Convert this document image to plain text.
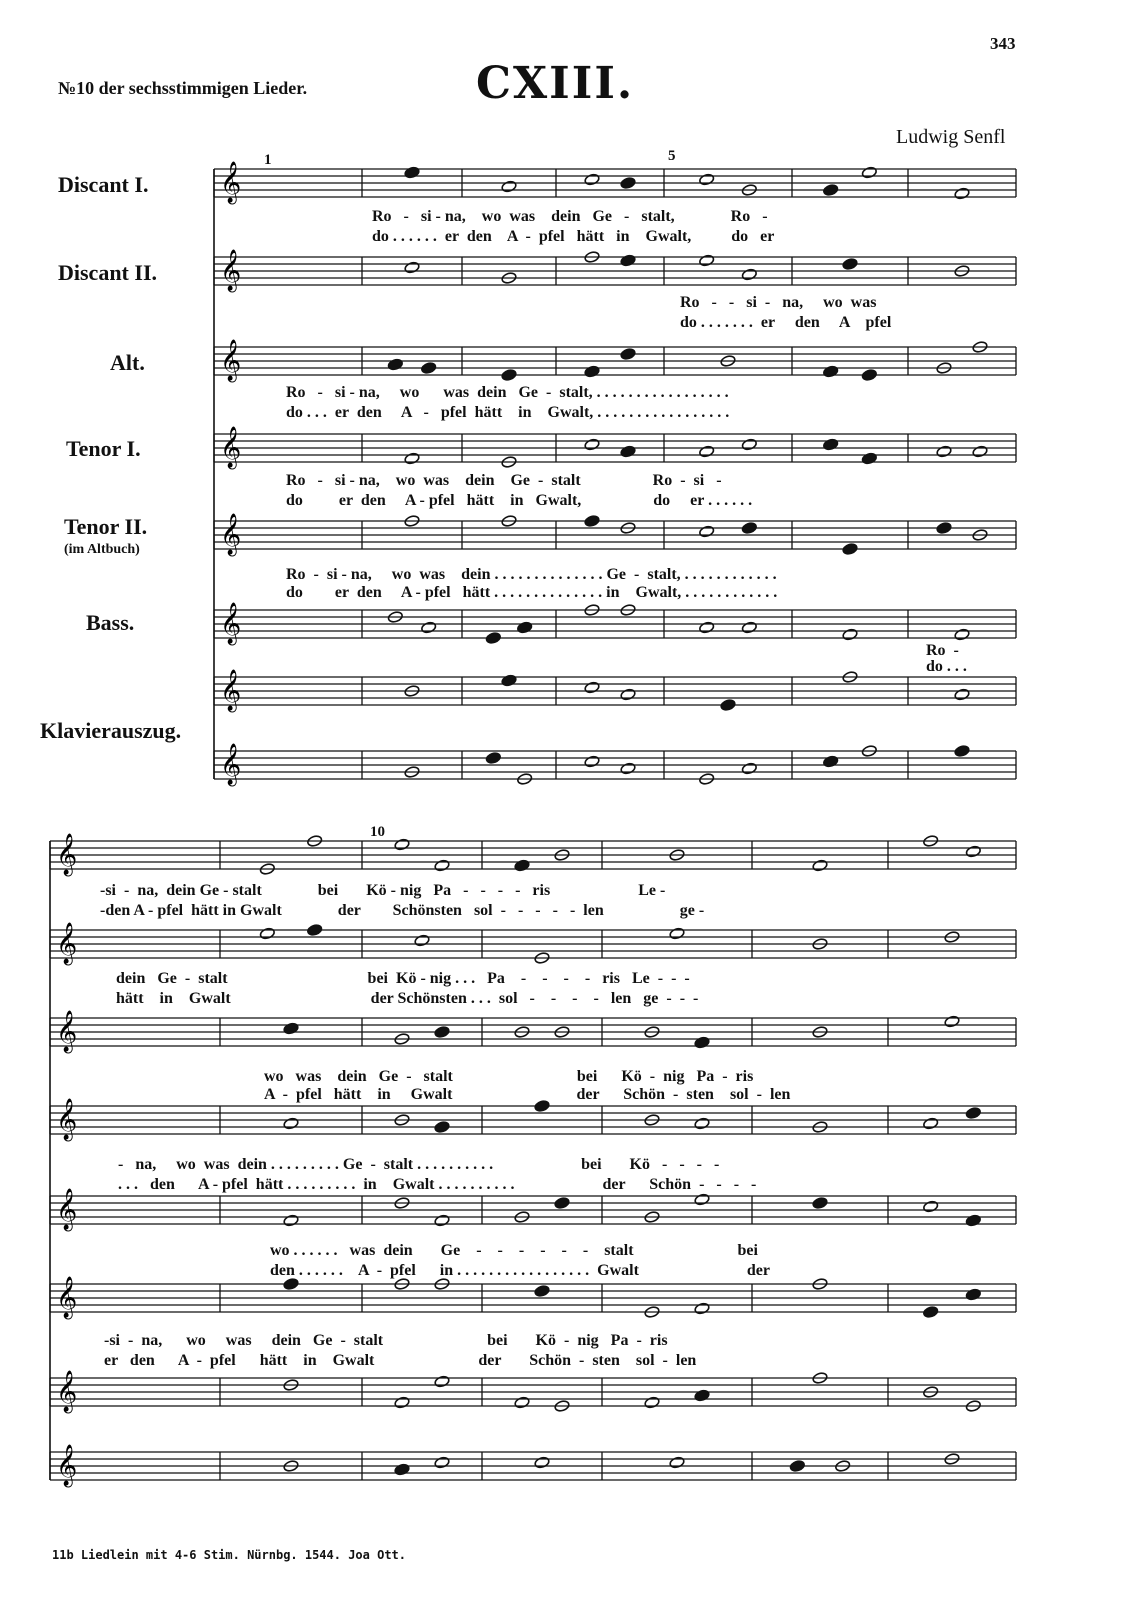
343
№10 der sechsstimmigen Lieder.	CXIII.
Ludwig Senfl
Discant I.
Discant II.
Alt.
Tenor I.
Tenor II.
(im Altbuch)
Bass.
Klavierauszug.
1	5
10
𝄞
𝄞
𝄞
𝄞
𝄞
𝄞
𝄞
𝄞
𝄞
𝄞
𝄞
𝄞
𝄞
𝄞
𝄞
𝄞
Ro   -   si - na,    wo  was    dein   Ge   -   stalt,              Ro   -
do . . . . . .  er  den    A  -  pfel   hätt   in    Gwalt,          do   er
Ro   -   -   si  -   na,     wo  was
do . . . . . . .  er     den     A    pfel
Ro   -   si - na,     wo      was  dein   Ge  -  stalt, . . . . . . . . . . . . . . . . .
do . . .  er  den     A   -   pfel  hätt    in    Gwalt, . . . . . . . . . . . . . . . . .
Ro   -   si - na,    wo  was    dein    Ge  -  stalt                  Ro  -  si   -
do         er  den     A - pfel   hätt    in   Gwalt,                  do     er . . . . . .
Ro  -  si - na,     wo  was    dein . . . . . . . . . . . . . . Ge  -  stalt, . . . . . . . . . . . .
do        er  den     A - pfel   hätt . . . . . . . . . . . . . . in    Gwalt, . . . . . . . . . . . .
Ro  -
do . . .
-si  -  na,  dein Ge - stalt              bei       Kö - nig   Pa   -   -   -   -   ris                      Le -
-den A - pfel  hätt in Gwalt              der        Schönsten   sol  -   -   -   -   -  len                   ge -
dein   Ge  -  stalt                                   bei  Kö - nig . . .   Pa    -    -    -    -   ris   Le  -  -  -
hätt    in    Gwalt                                   der Schönsten . . .  sol   -    -    -    -   len   ge  -  -  -
wo   was    dein   Ge  -   stalt                               bei      Kö  -  nig   Pa  -  ris
A  -  pfel   hätt    in     Gwalt                               der      Schön  -  sten    sol  -  len
-   na,     wo  was  dein . . . . . . . . . Ge  -  stalt . . . . . . . . . .                      bei       Kö   -   -   -   -
. . .   den      A - pfel  hätt . . . . . . . . .  in    Gwalt . . . . . . . . . .                      der      Schön  -   -   -   -
wo . . . . . .   was  dein       Ge    -    -    -    -    -    -    stalt                          bei
den . . . . . .    A  -  pfel      in . . . . . . . . . . . . . . . . .  Gwalt                           der
-si  -  na,      wo     was     dein   Ge  -  stalt                          bei       Kö  -  nig   Pa  -  ris
er   den      A  -  pfel      hätt    in    Gwalt                          der       Schön  -  sten    sol  -  len
11b Liedlein mit 4-6 Stim. Nürnbg. 1544. Joa Ott.
